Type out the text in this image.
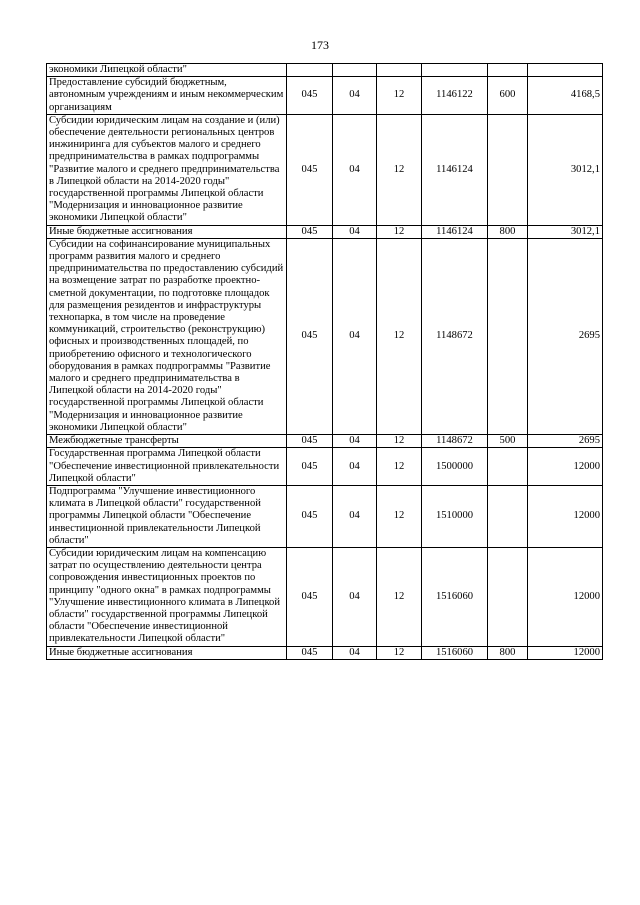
173
экономики Липецкой области"						
Предоставление субсидий бюджетным, автономным учреждениям и иным некоммерческим организациям	045	04	12	1146122	600	4168,5
Субсидии юридическим лицам на создание и (или) обеспечение деятельности региональных центров инжиниринга для субъектов малого и среднего предпринимательства в рамках подпрограммы "Развитие малого и среднего предпринимательства в Липецкой области на 2014-2020 годы" государственной программы Липецкой области "Модернизация и инновационное развитие экономики Липецкой области"	045	04	12	1146124		3012,1
Иные бюджетные ассигнования	045	04	12	1146124	800	3012,1
Субсидии на софинансирование муниципальных программ развития малого и среднего предпринимательства по предоставлению субсидий на возмещение затрат по разработке проектно-сметной документации, по подготовке площадок для размещения резидентов и инфраструктуры технопарка, в том числе на проведение коммуникаций, строительство (реконструкцию) офисных и производственных площадей, по приобретению офисного и технологического оборудования в рамках подпрограммы "Развитие малого и среднего предпринимательства в Липецкой области на 2014-2020 годы" государственной программы Липецкой области "Модернизация и инновационное развитие экономики Липецкой области"	045	04	12	1148672		2695
Межбюджетные трансферты	045	04	12	1148672	500	2695
Государственная программа Липецкой области "Обеспечение инвестиционной привлекательности Липецкой области"	045	04	12	1500000		12000
Подпрограмма "Улучшение инвестиционного климата в Липецкой области" государственной программы Липецкой области "Обеспечение инвестиционной привлекательности Липецкой области"	045	04	12	1510000		12000
Субсидии юридическим лицам на компенсацию затрат по осуществлению деятельности центра сопровождения инвестиционных проектов по принципу "одного окна" в рамках подпрограммы "Улучшение инвестиционного климата в Липецкой области" государственной программы Липецкой области "Обеспечение инвестиционной привлекательности Липецкой области"	045	04	12	1516060		12000
Иные бюджетные ассигнования	045	04	12	1516060	800	12000
